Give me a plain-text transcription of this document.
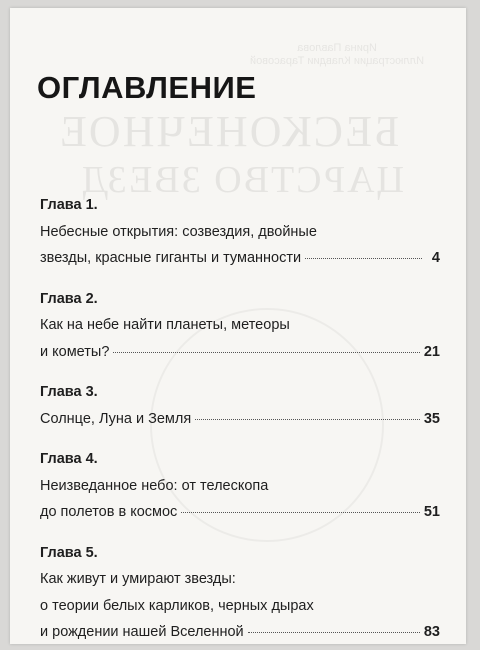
Ирина Павлова
Иллюстрации Клавдии Тарасовой
БЕСКОНЕЧНОЕ
ЦАРСТВО ЗВЕЗД
ОГЛАВЛЕНИЕ
Глава 1.
Небесные открытия: созвездия, двойные
звезды, красные гиганты и туманности	4
Глава 2.
Как на небе найти планеты, метеоры
и кометы?	21
Глава 3.
Солнце, Луна и Земля	35
Глава 4.
Неизведанное небо: от телескопа
до полетов в космос	51
Глава 5.
Как живут и умирают звезды:
о теории белых карликов, черных дырах
и рождении нашей Вселенной	83
